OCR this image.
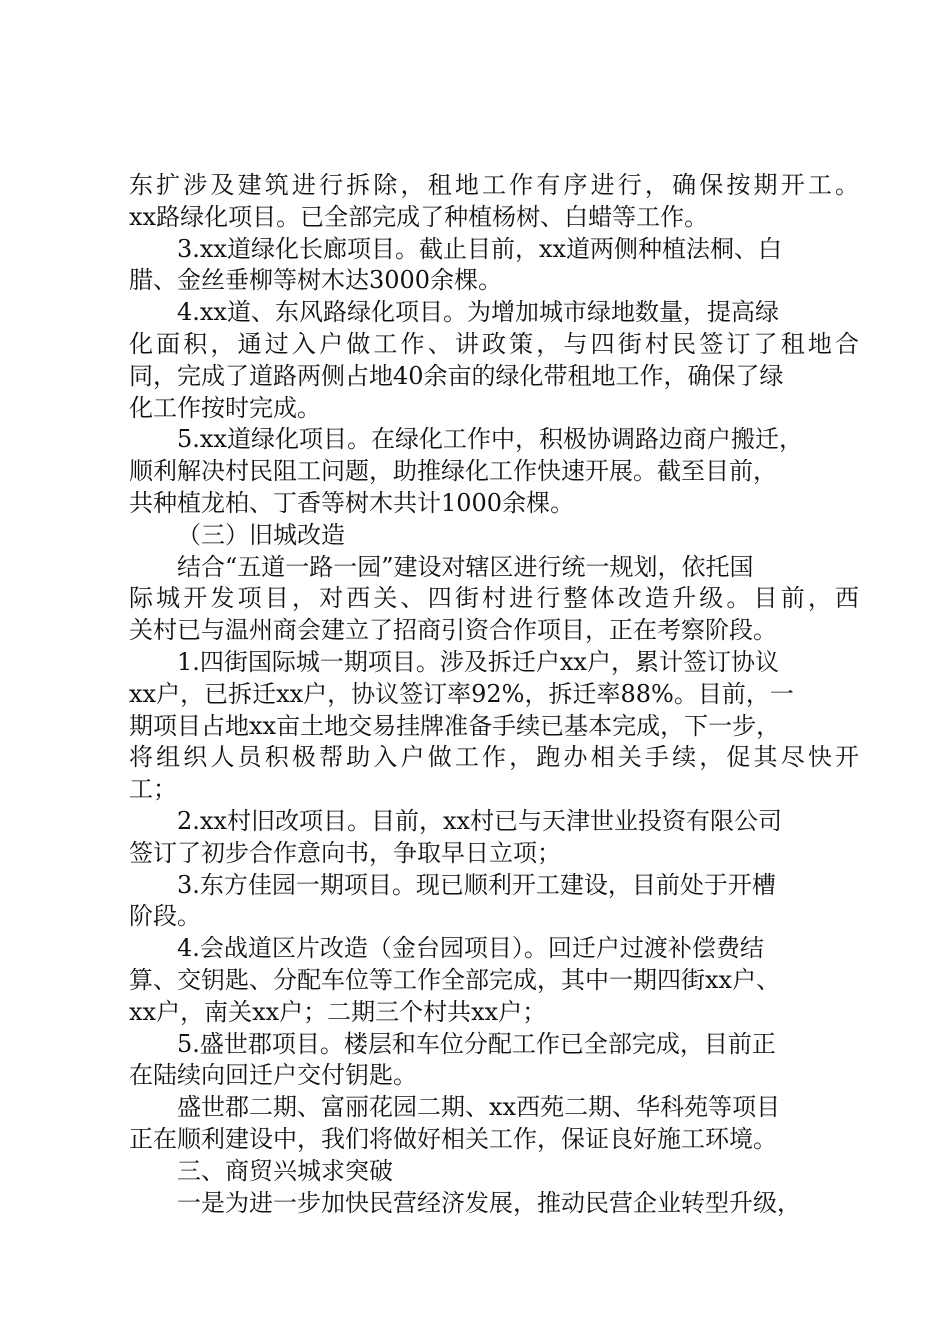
东扩涉及建筑进行拆除，租地工作有序进行，确保按期开工。
xx路绿化项目。已全部完成了种植杨树、白蜡等工作。
3.xx道绿化长廊项目。截止目前，xx道两侧种植法桐、白
腊、金丝垂柳等树木达3000余棵。
4.xx道、东风路绿化项目。为增加城市绿地数量，提高绿
化面积，通过入户做工作、讲政策，与四街村民签订了租地合
同，完成了道路两侧占地40余亩的绿化带租地工作，确保了绿
化工作按时完成。
5.xx道绿化项目。在绿化工作中，积极协调路边商户搬迁，
顺利解决村民阻工问题，助推绿化工作快速开展。截至目前，
共种植龙柏、丁香等树木共计1000余棵。
（三）旧城改造
结合“五道一路一园”建设对辖区进行统一规划，依托国
际城开发项目，对西关、四街村进行整体改造升级。目前，西
关村已与温州商会建立了招商引资合作项目，正在考察阶段。
1.四街国际城一期项目。涉及拆迁户xx户，累计签订协议
xx户，已拆迁xx户，协议签订率92%，拆迁率88%。目前，一
期项目占地xx亩土地交易挂牌准备手续已基本完成，下一步，
将组织人员积极帮助入户做工作，跑办相关手续，促其尽快开
工；
2.xx村旧改项目。目前，xx村已与天津世业投资有限公司
签订了初步合作意向书，争取早日立项；
3.东方佳园一期项目。现已顺利开工建设，目前处于开槽
阶段。
4.会战道区片改造（金台园项目）。回迁户过渡补偿费结
算、交钥匙、分配车位等工作全部完成，其中一期四街xx户、
xx户，南关xx户；二期三个村共xx户；
5.盛世郡项目。楼层和车位分配工作已全部完成，目前正
在陆续向回迁户交付钥匙。
盛世郡二期、富丽花园二期、xx西苑二期、华科苑等项目
正在顺利建设中，我们将做好相关工作，保证良好施工环境。
三、商贸兴城求突破
一是为进一步加快民营经济发展，推动民营企业转型升级，
